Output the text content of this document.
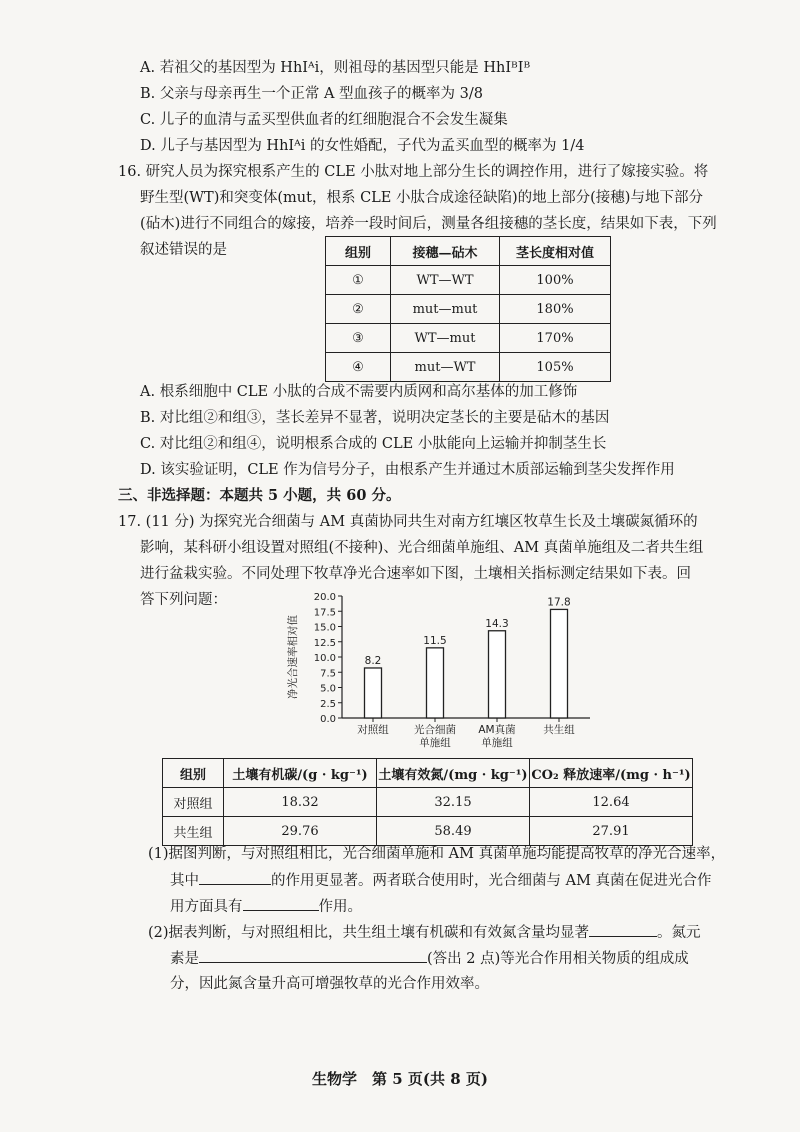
A. 若祖父的基因型为 HhIᴬi，则祖母的基因型只能是 HhIᴮIᴮ
B. 父亲与母亲再生一个正常 A 型血孩子的概率为 3/8
C. 儿子的血清与孟买型供血者的红细胞混合不会发生凝集
D. 儿子与基因型为 HhIᴬi 的女性婚配，子代为孟买血型的概率为 1/4
16. 研究人员为探究根系产生的 CLE 小肽对地上部分生长的调控作用，进行了嫁接实验。将
野生型(WT)和突变体(mut，根系 CLE 小肽合成途径缺陷)的地上部分(接穗)与地下部分
(砧木)进行不同组合的嫁接，培养一段时间后，测量各组接穗的茎长度，结果如下表，下列
叙述错误的是	组别	接穗—砧木	茎长度相对值
①	WT—WT	100%
②	mut—mut	180%
③	WT—mut	170%
④	mut—WT	105%
A. 根系细胞中 CLE 小肽的合成不需要内质网和高尔基体的加工修饰
B. 对比组②和组③，茎长差异不显著，说明决定茎长的主要是砧木的基因
C. 对比组②和组④，说明根系合成的 CLE 小肽能向上运输并抑制茎生长
D. 该实验证明，CLE 作为信号分子，由根系产生并通过木质部运输到茎尖发挥作用
三、非选择题：本题共 5 小题，共 60 分。
17. (11 分) 为探究光合细菌与 AM 真菌协同共生对南方红壤区牧草生长及土壤碳氮循环的
影响，某科研小组设置对照组(不接种)、光合细菌单施组、AM 真菌单施组及二者共生组
进行盆栽实验。不同处理下牧草净光合速率如下图，土壤相关指标测定结果如下表。回
答下列问题：
0.0
2.5
5.0
7.5
10.0
12.5
15.0
17.5
20.0
净光合速率相对值	8.2
对照组
11.5
光合细菌
单施组
14.3
AM真菌
单施组
17.8
共生组
组别	土壤有机碳/(g · kg⁻¹)	土壤有效氮/(mg · kg⁻¹)	CO₂ 释放速率/(mg · h⁻¹)
对照组	18.32	32.15	12.64
共生组	29.76	58.49	27.91
(1)据图判断，与对照组相比，光合细菌单施和 AM 真菌单施均能提高牧草的净光合速率，
其中	的作用更显著。两者联合使用时，光合细菌与 AM 真菌在促进光合作
用方面具有	作用。
(2)据表判断，与对照组相比，共生组土壤有机碳和有效氮含量均显著	。氮元
素是	(答出 2 点)等光合作用相关物质的组成成
分，因此氮含量升高可增强牧草的光合作用效率。
生物学　第 5 页(共 8 页)
